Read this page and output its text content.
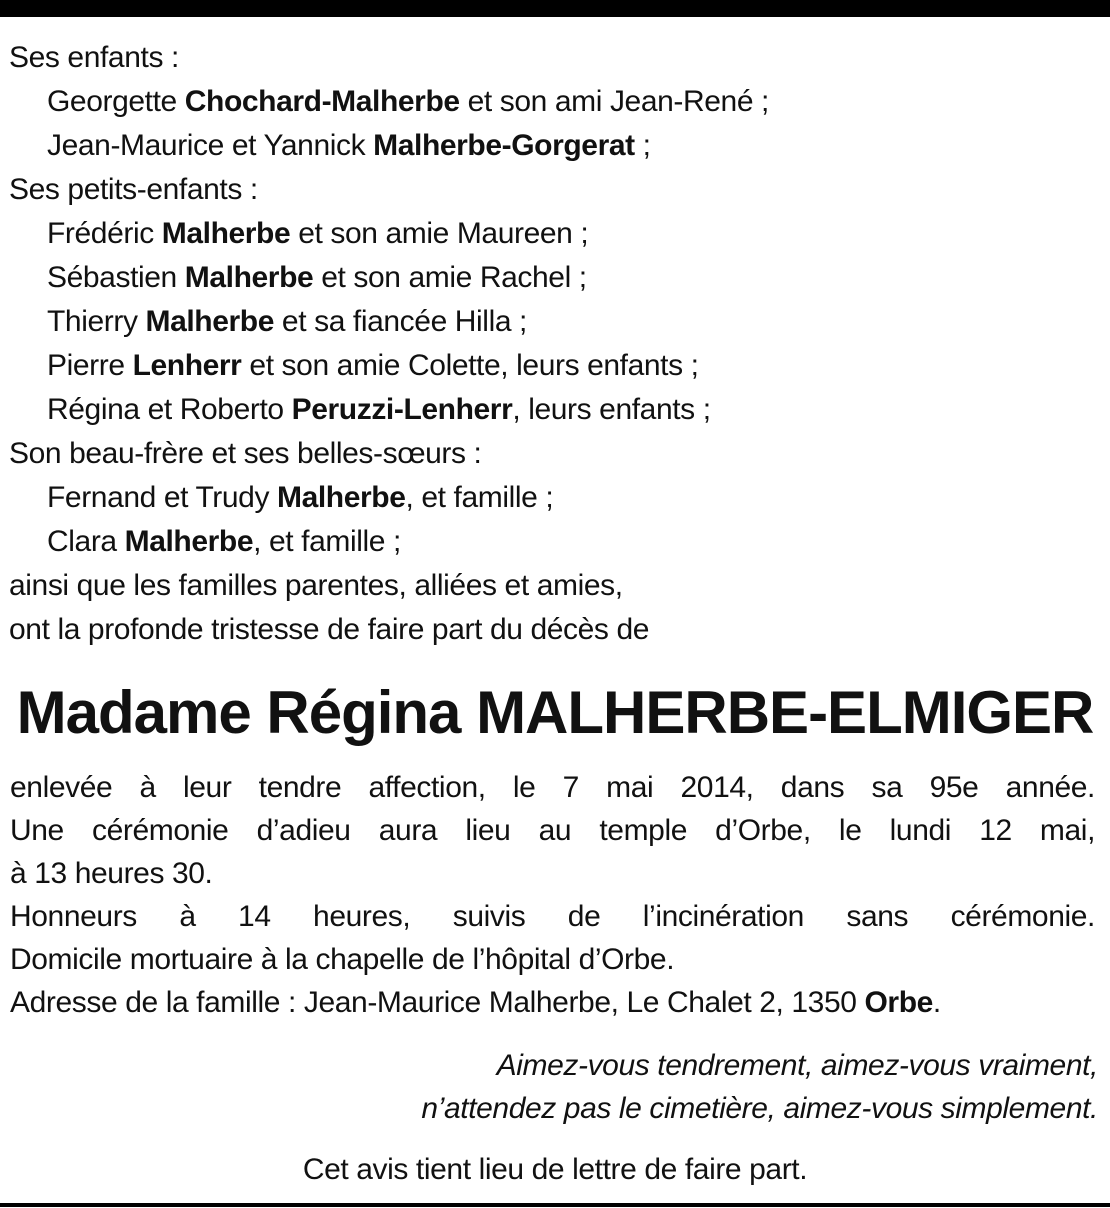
Ses enfants :
Georgette Chochard-Malherbe et son ami Jean-René ;
Jean-Maurice et Yannick Malherbe-Gorgerat ;
Ses petits-enfants :
Frédéric Malherbe et son amie Maureen ;
Sébastien Malherbe et son amie Rachel ;
Thierry Malherbe et sa fiancée Hilla ;
Pierre Lenherr et son amie Colette, leurs enfants ;
Régina et Roberto Peruzzi-Lenherr, leurs enfants ;
Son beau-frère et ses belles-sœurs :
Fernand et Trudy Malherbe, et famille ;
Clara Malherbe, et famille ;
ainsi que les familles parentes, alliées et amies,
ont la profonde tristesse de faire part du décès de
Madame Régina MALHERBE-ELMIGER
enlevée à leur tendre affection, le 7 mai 2014, dans sa 95e année.
Une cérémonie d’adieu aura lieu au temple d’Orbe, le lundi 12 mai,
à 13 heures 30.
Honneurs à 14 heures, suivis de l’incinération sans cérémonie.
Domicile mortuaire à la chapelle de l’hôpital d’Orbe.
Adresse de la famille : Jean-Maurice Malherbe, Le Chalet 2, 1350 Orbe.
Aimez-vous tendrement, aimez-vous vraiment,
n’attendez pas le cimetière, aimez-vous simplement.
Cet avis tient lieu de lettre de faire part.
